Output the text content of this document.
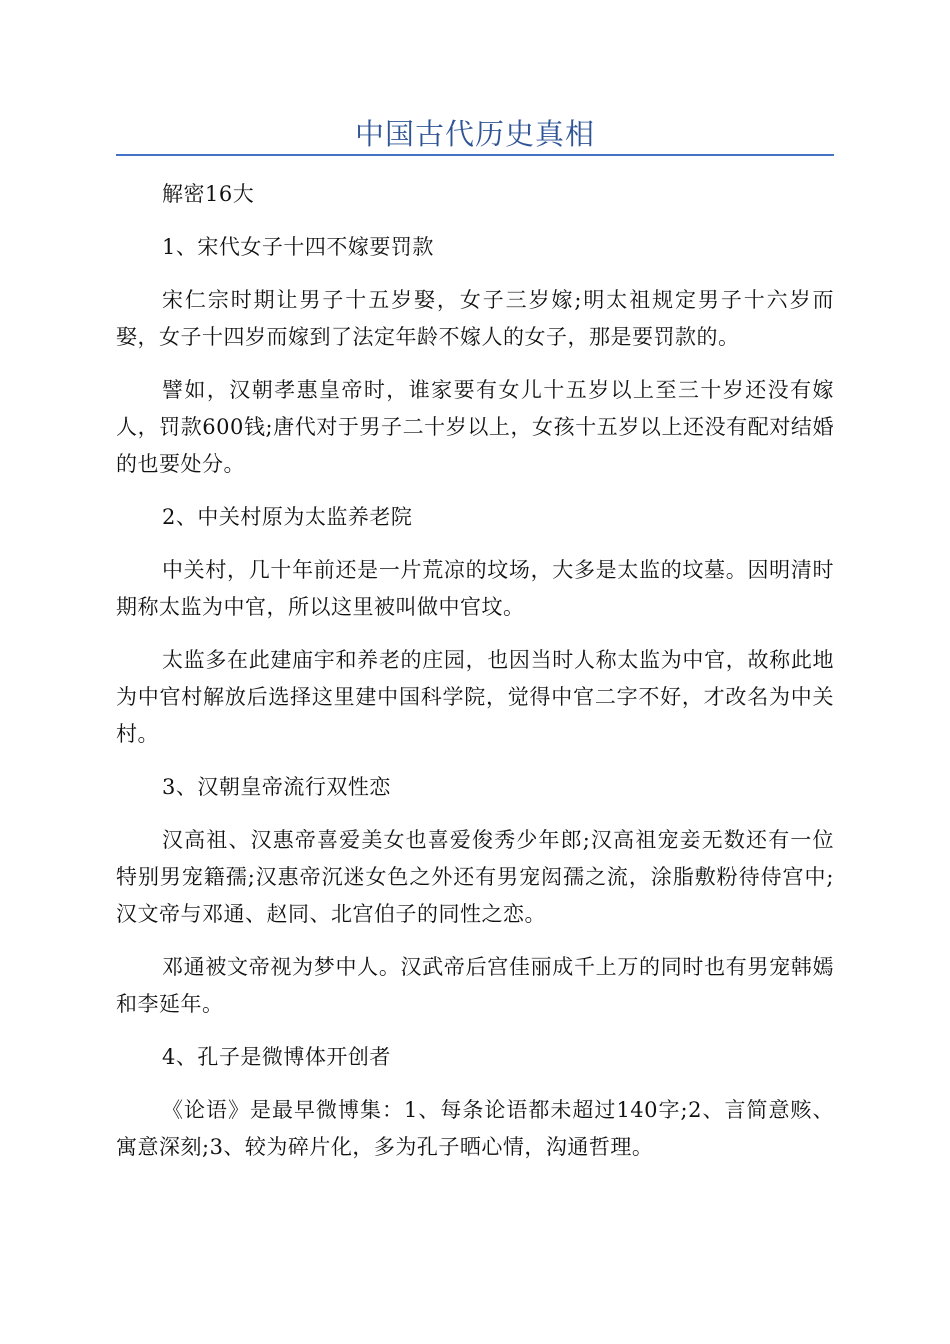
中国古代历史真相

解密16大

1、宋代女子十四不嫁要罚款

宋仁宗时期让男子十五岁娶，女子三岁嫁;明太祖规定男子十六岁而娶，女子十四岁而嫁到了法定年龄不嫁人的女子，那是要罚款的。

譬如，汉朝孝惠皇帝时，谁家要有女儿十五岁以上至三十岁还没有嫁人，罚款600钱;唐代对于男子二十岁以上，女孩十五岁以上还没有配对结婚的也要处分。

2、中关村原为太监养老院

中关村，几十年前还是一片荒凉的坟场，大多是太监的坟墓。因明清时期称太监为中官，所以这里被叫做中官坟。

太监多在此建庙宇和养老的庄园，也因当时人称太监为中官，故称此地为中官村解放后选择这里建中国科学院，觉得中官二字不好，才改名为中关村。

3、汉朝皇帝流行双性恋

汉高祖、汉惠帝喜爱美女也喜爱俊秀少年郎;汉高祖宠妾无数还有一位特别男宠籍孺;汉惠帝沉迷女色之外还有男宠闳孺之流，涂脂敷粉待侍宫中;汉文帝与邓通、赵同、北宫伯子的同性之恋。

邓通被文帝视为梦中人。汉武帝后宫佳丽成千上万的同时也有男宠韩嫣和李延年。

4、孔子是微博体开创者

《论语》是最早微博集：1、每条论语都未超过140字;2、言简意赅、寓意深刻;3、较为碎片化，多为孔子晒心情，沟通哲理。
